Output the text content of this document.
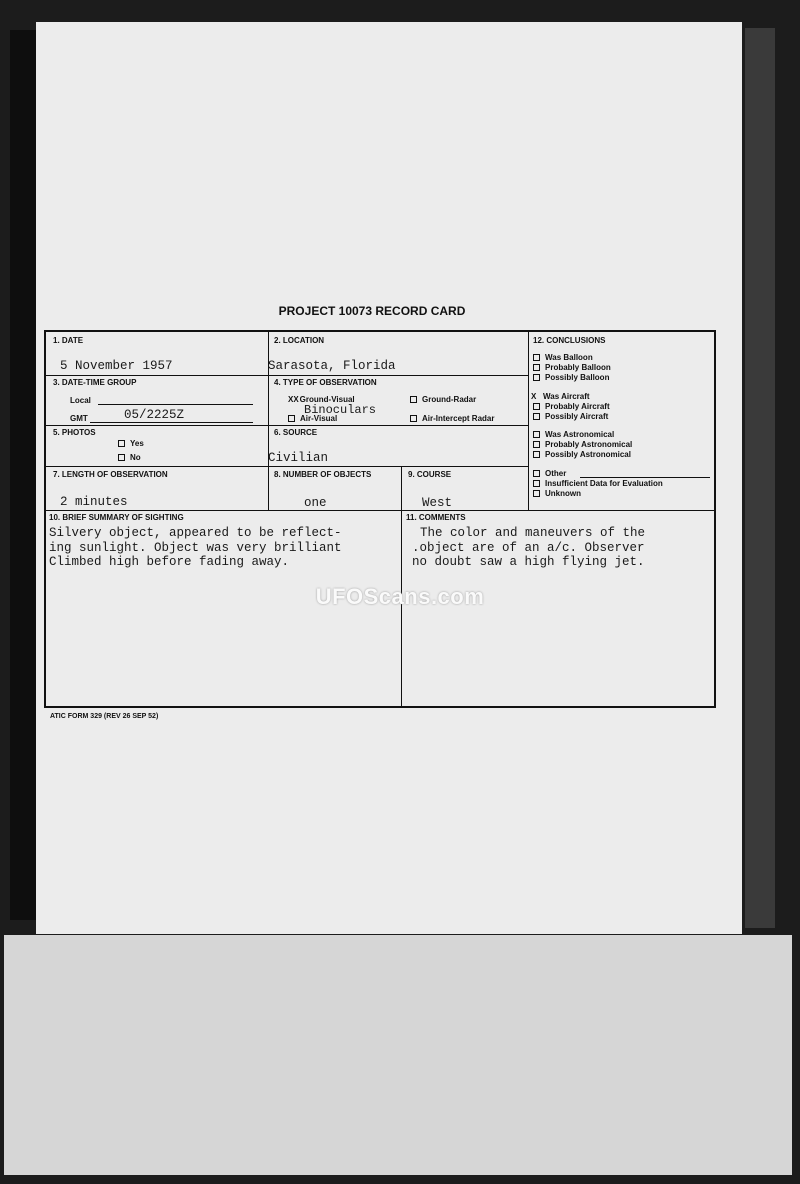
PROJECT 10073 RECORD CARD
1. DATE
5 November 1957
2. LOCATION
Sarasota, Florida
3. DATE-TIME GROUP
Local
GMT	05/2225Z
4. TYPE OF OBSERVATION
XXGround-Visual
Air-Visual
Binoculars
Ground-Radar
Air-Intercept Radar
5. PHOTOS
Yes
No
6. SOURCE
Civilian
7. LENGTH OF OBSERVATION
2 minutes
8. NUMBER OF OBJECTS
one
9. COURSE
West
10. BRIEF SUMMARY OF SIGHTING
Silvery object, appeared to be reflect-
ing sunlight. Object was very brilliant
Climbed high before fading away.
11. COMMENTS
The color and maneuvers of the
.object are of an a/c. Observer
no doubt saw a high flying jet.
12. CONCLUSIONS
Was Balloon
Probably Balloon
Possibly Balloon
X Was Aircraft
Probably Aircraft
Possibly Aircraft
Was Astronomical
Probably Astronomical
Possibly Astronomical
Other
Insufficient Data for Evaluation
Unknown
UFOScans.com
ATIC FORM 329 (REV 26 SEP 52)
